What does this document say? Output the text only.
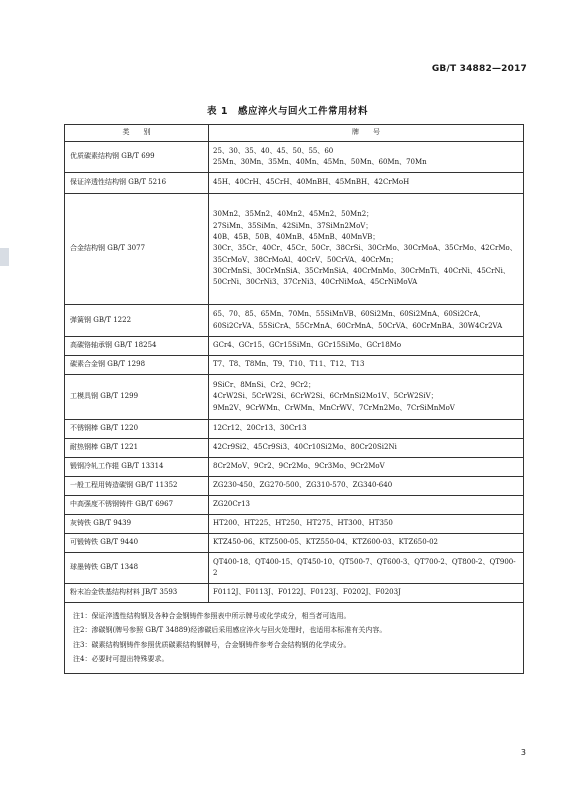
GB/T 34882—2017
表 1　感应淬火与回火工件常用材料
类　　别	牌　　号
优质碳素结构钢 GB/T 699	25、30、35、40、45、50、55、60
25Mn、30Mn、35Mn、40Mn、45Mn、50Mn、60Mn、70Mn

保证淬透性结构钢 GB/T 5216	45H、40CrH、45CrH、40MnBH、45MnBH、42CrMoH

合金结构钢 GB/T 3077	30Mn2、35Mn2、40Mn2、45Mn2、50Mn2；
27SiMn、35SiMn、42SiMn、37SiMn2MoV；
40B、45B、50B、40MnB、45MnB、40MnVB；
30Cr、35Cr、40Cr、45Cr、50Cr、38CrSi、30CrMo、30CrMoA、35CrMo、42CrMo、35CrMoV、38CrMoAl、40CrV、50CrVA、40CrMn；
30CrMnSi、30CrMnSiA、35CrMnSiA、40CrMnMo、30CrMnTi、40CrNi、45CrNi、50CrNi、30CrNi3、37CrNi3、40CrNiMoA、45CrNiMoVA

弹簧钢 GB/T 1222	65、70、85、65Mn、70Mn、55SiMnVB、60Si2Mn、60Si2MnA、60Si2CrA、60Si2CrVA、55SiCrA、55CrMnA、60CrMnA、50CrVA、60CrMnBA、30W4Cr2VA

高碳铬轴承钢 GB/T 18254	GCr4、GCr15、GCr15SiMn、GCr15SiMo、GCr18Mo

碳素合金钢 GB/T 1298	T7、T8、T8Mn、T9、T10、T11、T12、T13

工模具钢 GB/T 1299	9SiCr、8MnSi、Cr2、9Cr2；
4CrW2Si、5CrW2Si、6CrW2Si、6CrMnSi2Mo1V、5CrW2SiV；
9Mn2V、9CrWMn、CrWMn、MnCrWV、7CrMn2Mo、7CrSiMnMoV

不锈钢棒 GB/T 1220	12Cr12、20Cr13、30Cr13

耐热钢棒 GB/T 1221	42Cr9Si2、45Cr9Si3、40Cr10Si2Mo、80Cr20Si2Ni

锻钢冷轧工作辊 GB/T 13314	8Cr2MoV、9Cr2、9Cr2Mo、9Cr3Mo、9Cr2MoV

一般工程用铸造碳钢 GB/T 11352	ZG230-450、ZG270-500、ZG310-570、ZG340-640

中高强度不锈钢铸件 GB/T 6967	ZG20Cr13

灰铸铁 GB/T 9439	HT200、HT225、HT250、HT275、HT300、HT350

可锻铸铁 GB/T 9440	KTZ450-06、KTZ500-05、KTZ550-04、KTZ600-03、KTZ650-02

球墨铸铁 GB/T 1348	QT400-18、QT400-15、QT450-10、QT500-7、QT600-3、QT700-2、QT800-2、QT900-2

粉末冶金铁基结构材料 JB/T 3593	F0112J、F0113J、F0122J、F0123J、F0202J、F0203J

注1：保证淬透性结构钢及各种合金钢铸件参照表中所示牌号或化学成分，相当者可选用。
注2：渗碳钢(牌号参照 GB/T 34889)经渗碳后采用感应淬火与回火处理时，也适用本标准有关内容。
注3：碳素结构钢铸件参照优质碳素结构钢牌号，合金钢铸件参考合金结构钢的化学成分。
注4：必要时可提出特殊要求。	
3
